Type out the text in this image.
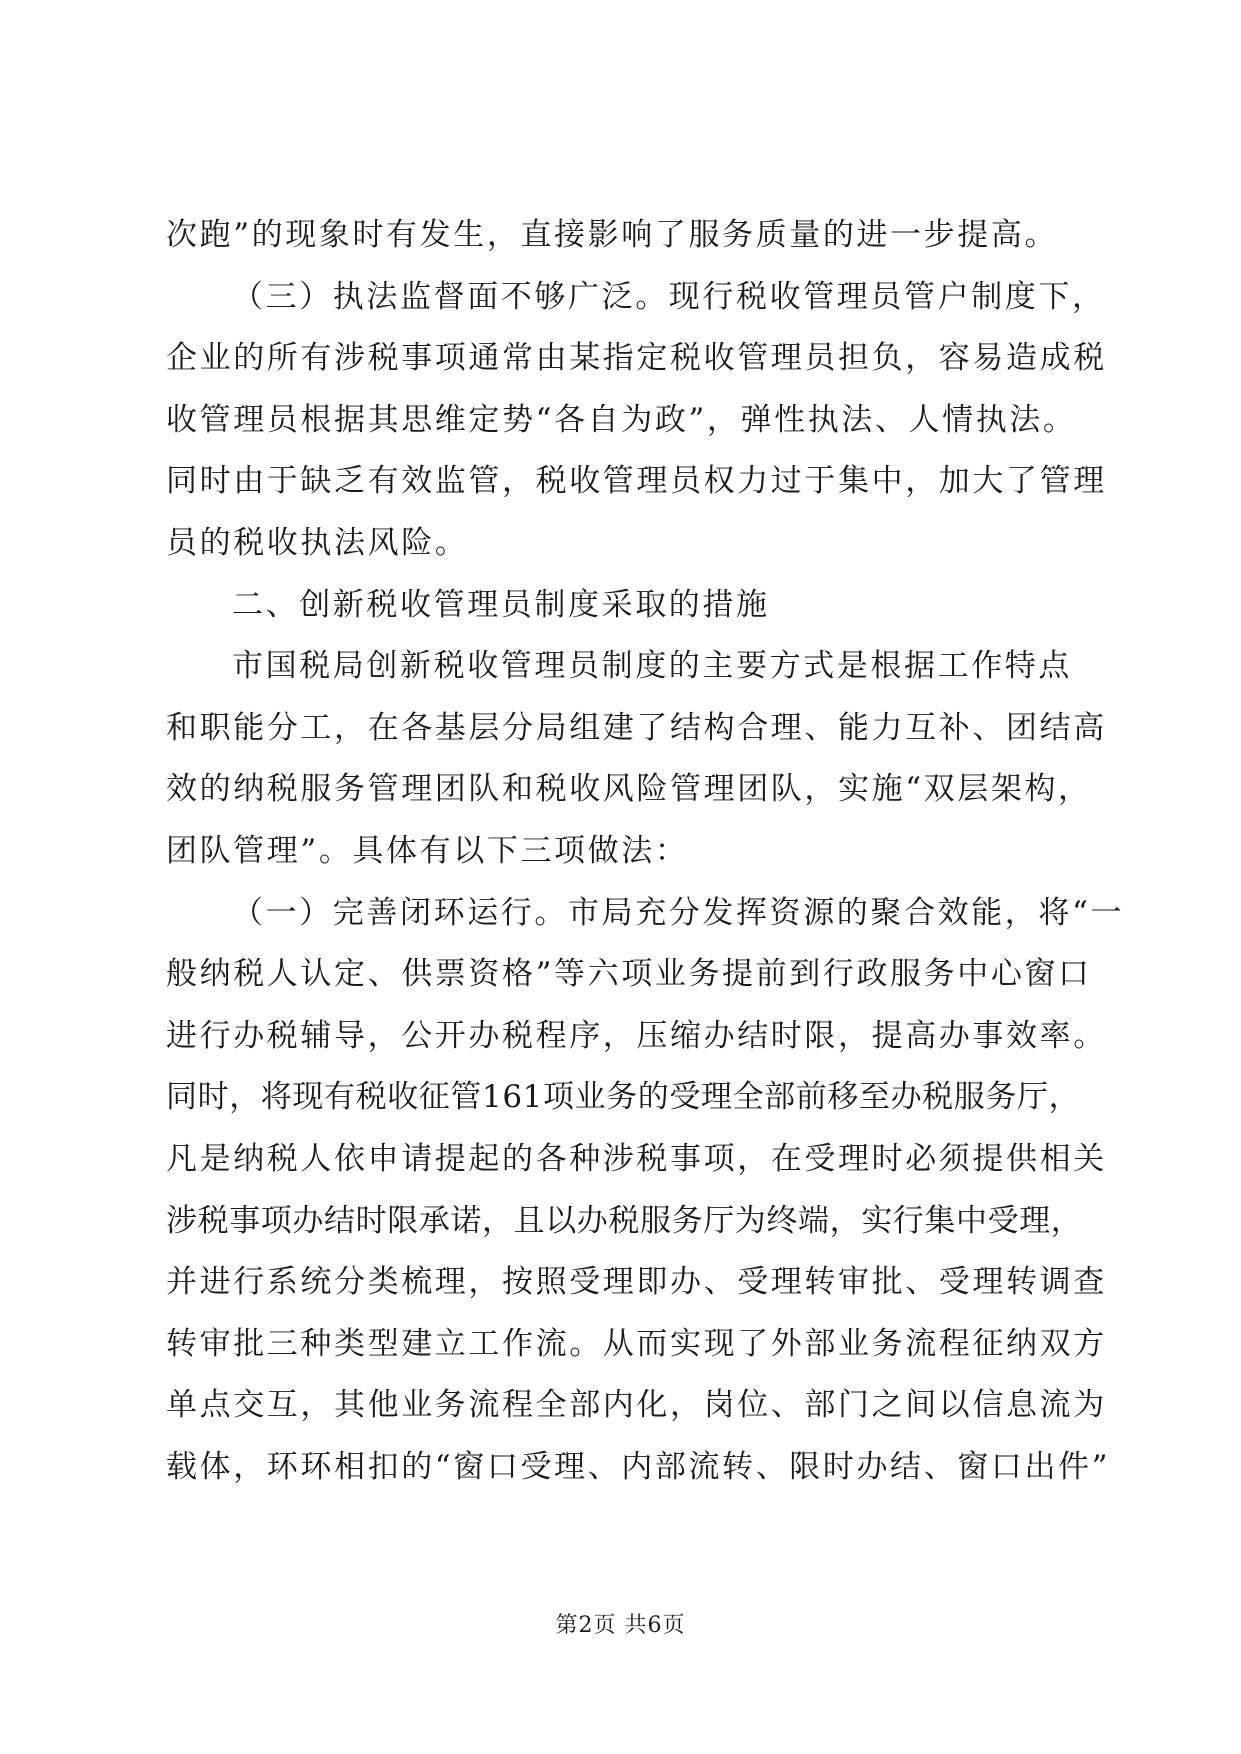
次跑”的现象时有发生，直接影响了服务质量的进一步提高。
（三）执法监督面不够广泛。现行税收管理员管户制度下，
企业的所有涉税事项通常由某指定税收管理员担负，容易造成税
收管理员根据其思维定势“各自为政”，弹性执法、人情执法。
同时由于缺乏有效监管，税收管理员权力过于集中，加大了管理
员的税收执法风险。
二、创新税收管理员制度采取的措施
市国税局创新税收管理员制度的主要方式是根据工作特点
和职能分工，在各基层分局组建了结构合理、能力互补、团结高
效的纳税服务管理团队和税收风险管理团队，实施“双层架构，
团队管理”。具体有以下三项做法：
（一）完善闭环运行。市局充分发挥资源的聚合效能，将“一
般纳税人认定、供票资格”等六项业务提前到行政服务中心窗口
进行办税辅导，公开办税程序，压缩办结时限，提高办事效率。
同时，将现有税收征管161项业务的受理全部前移至办税服务厅，
凡是纳税人依申请提起的各种涉税事项，在受理时必须提供相关
涉税事项办结时限承诺，且以办税服务厅为终端，实行集中受理，
并进行系统分类梳理，按照受理即办、受理转审批、受理转调查
转审批三种类型建立工作流。从而实现了外部业务流程征纳双方
单点交互，其他业务流程全部内化，岗位、部门之间以信息流为
载体，环环相扣的“窗口受理、内部流转、限时办结、窗口出件”
第2页 共6页
